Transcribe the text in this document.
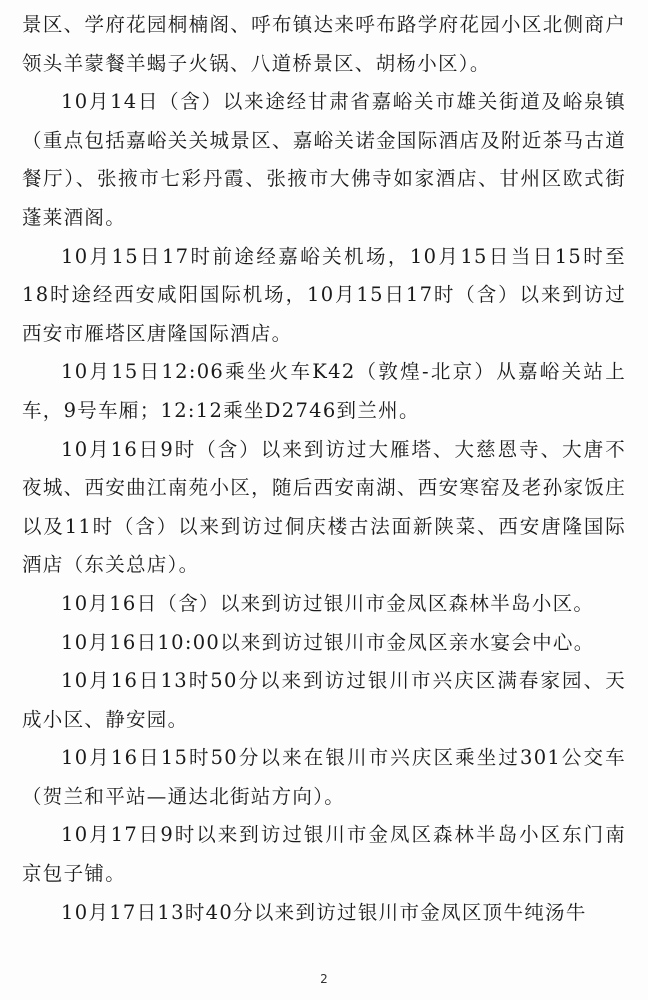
景区、学府花园桐楠阁、呼布镇达来呼布路学府花园小区北侧商户领头羊蒙餐羊蝎子火锅、八道桥景区、胡杨小区）。

10月14日（含）以来途经甘肃省嘉峪关市雄关街道及峪泉镇（重点包括嘉峪关关城景区、嘉峪关诺金国际酒店及附近茶马古道餐厅）、张掖市七彩丹霞、张掖市大佛寺如家酒店、甘州区欧式街蓬莱酒阁。

10月15日17时前途经嘉峪关机场，10月15日当日15时至18时途经西安咸阳国际机场，10月15日17时（含）以来到访过西安市雁塔区唐隆国际酒店。

10月15日12:06乘坐火车K42（敦煌-北京）从嘉峪关站上车，9号车厢；12:12乘坐D2746到兰州。

10月16日9时（含）以来到访过大雁塔、大慈恩寺、大唐不夜城、西安曲江南苑小区，随后西安南湖、西安寒窑及老孙家饭庄以及11时（含）以来到访过侗庆楼古法面新陕菜、西安唐隆国际酒店（东关总店）。

10月16日（含）以来到访过银川市金凤区森林半岛小区。

10月16日10:00以来到访过银川市金凤区亲水宴会中心。

10月16日13时50分以来到访过银川市兴庆区满春家园、天成小区、静安园。

10月16日15时50分以来在银川市兴庆区乘坐过301公交车（贺兰和平站—通达北街站方向）。

10月17日9时以来到访过银川市金凤区森林半岛小区东门南京包子铺。

10月17日13时40分以来到访过银川市金凤区顶牛纯汤牛

2
